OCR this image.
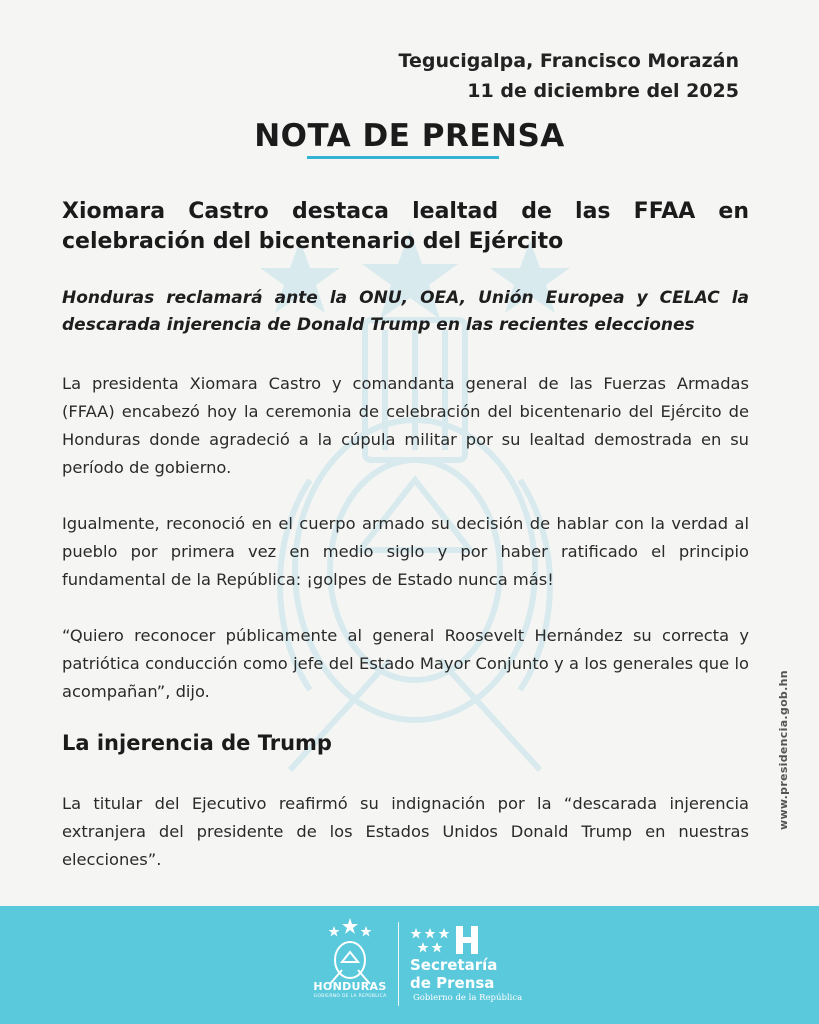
Tegucigalpa, Francisco Morazán
11 de diciembre del 2025
NOTA DE PRENSA
Xiomara Castro destaca lealtad de las FFAA en celebración del bicentenario del Ejército
Honduras reclamará ante la ONU, OEA, Unión Europea y CELAC la descarada injerencia de Donald Trump en las recientes elecciones
La presidenta Xiomara Castro y comandanta general de las Fuerzas Armadas (FFAA) encabezó hoy la ceremonia de celebración del bicentenario del Ejército de Honduras donde agradeció a la cúpula militar por su lealtad demostrada en su período de gobierno.
Igualmente, reconoció en el cuerpo armado su decisión de hablar con la verdad al pueblo por primera vez en medio siglo y por haber ratificado el principio fundamental de la República: ¡golpes de Estado nunca más!
“Quiero reconocer públicamente al general Roosevelt Hernández su correcta y patriótica conducción como jefe del Estado Mayor Conjunto y a los generales que lo acompañan”, dijo.
La injerencia de Trump
La titular del Ejecutivo reafirmó su indignación por la “descarada injerencia extranjera del presidente de los Estados Unidos Donald Trump en nuestras elecciones”.
www.presidencia.gob.hn
HONDURAS
GOBIERNO DE LA REPÚBLICA
Secretaría
de Prensa
Gobierno de la República
